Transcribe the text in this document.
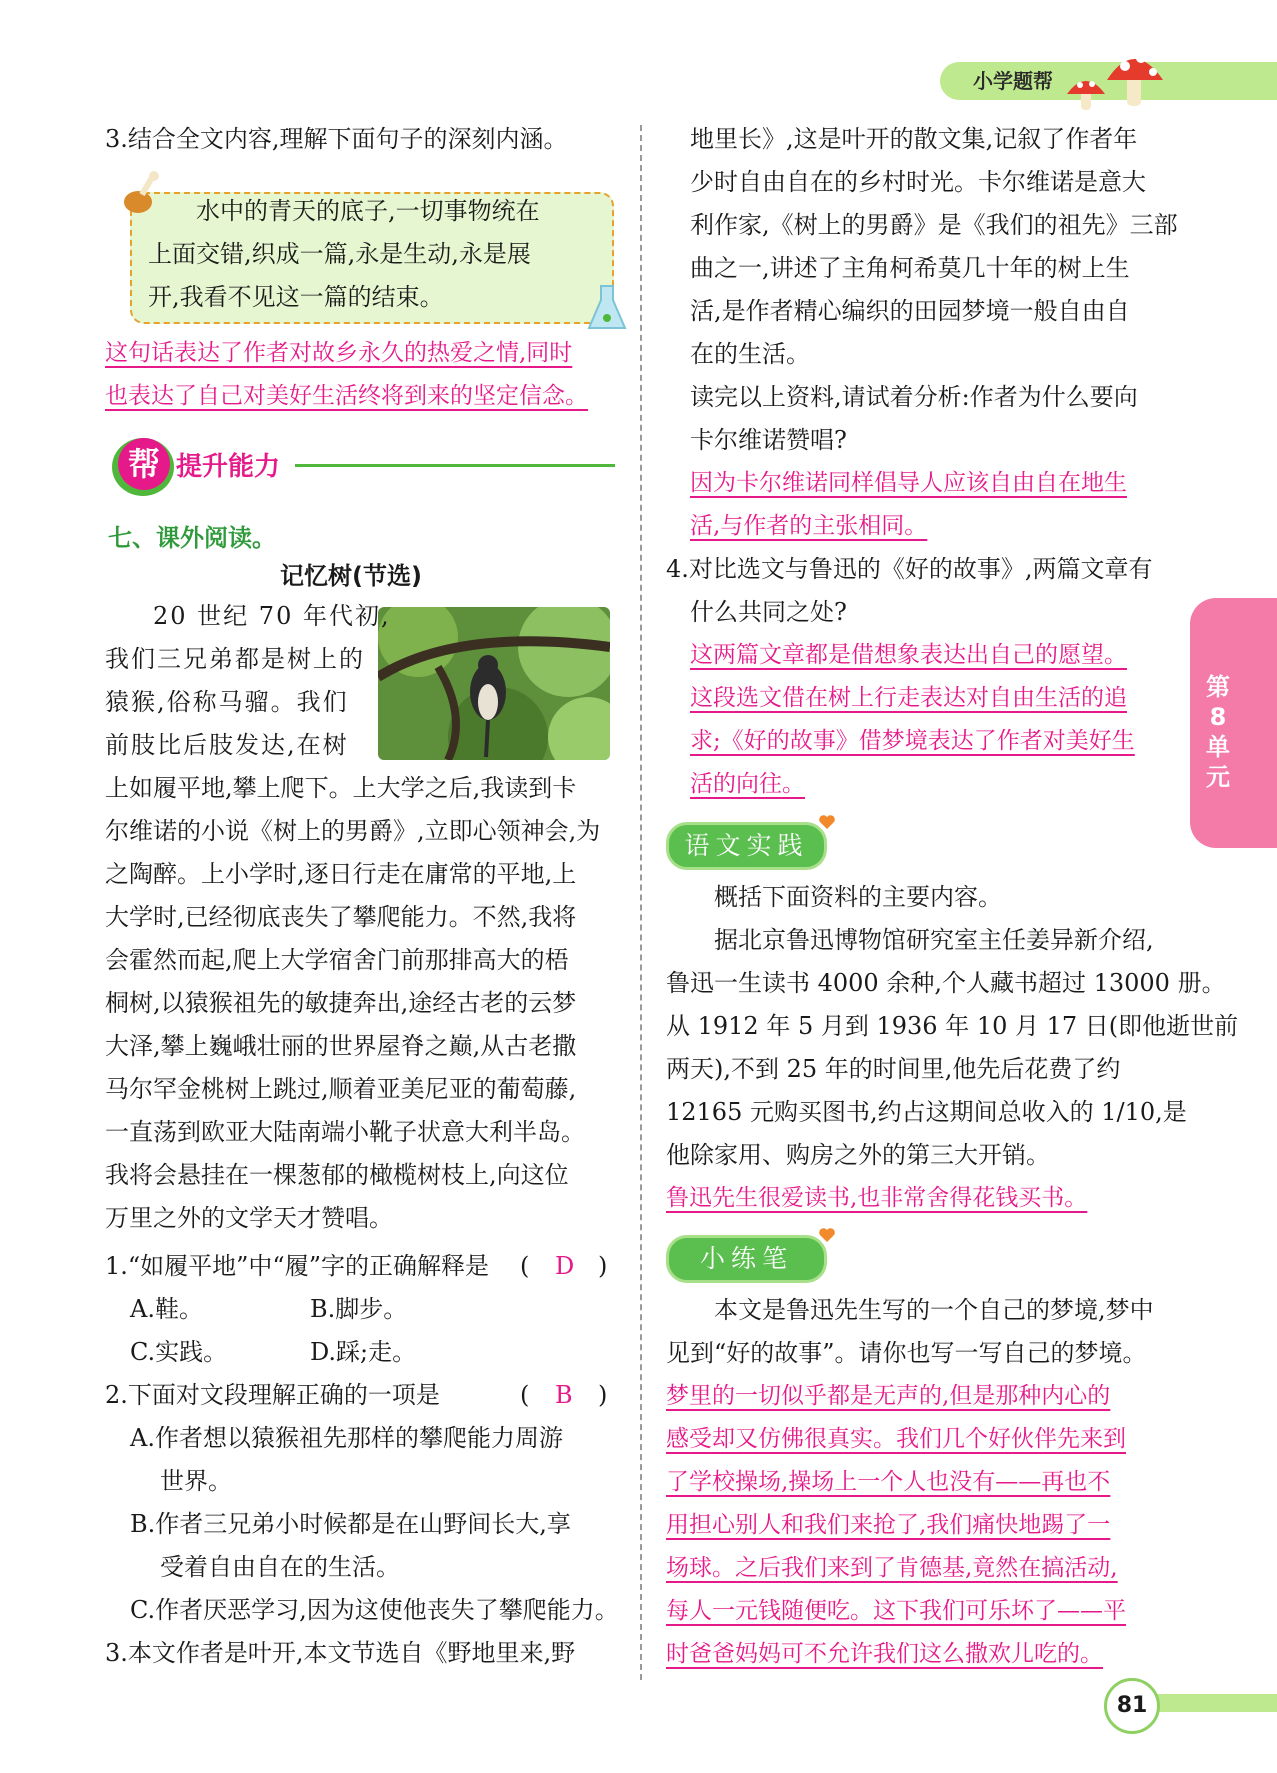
小学题帮
3.结合全文内容,理解下面句子的深刻内涵。
水中的青天的底子,一切事物统在
上面交错,织成一篇,永是生动,永是展
开,我看不见这一篇的结束。
这句话表达了作者对故乡永久的热爱之情,同时
也表达了自己对美好生活终将到来的坚定信念。
帮 提升能力
七、课外阅读。
记忆树(节选)
20 世纪 70 年代初,
我们三兄弟都是树上的
猿猴,俗称马骝。我们
前肢比后肢发达,在树
上如履平地,攀上爬下。上大学之后,我读到卡
尔维诺的小说《树上的男爵》,立即心领神会,为
之陶醉。上小学时,逐日行走在庸常的平地,上
大学时,已经彻底丧失了攀爬能力。不然,我将
会霍然而起,爬上大学宿舍门前那排高大的梧
桐树,以猿猴祖先的敏捷奔出,途经古老的云梦
大泽,攀上巍峨壮丽的世界屋脊之巅,从古老撒
马尔罕金桃树上跳过,顺着亚美尼亚的葡萄藤,
一直荡到欧亚大陆南端小靴子状意大利半岛。
我将会悬挂在一棵葱郁的橄榄树枝上,向这位
万里之外的文学天才赞唱。
1.“如履平地”中“履”字的正确解释是 ( D )
A.鞋。	B.脚步。
C.实践。	D.踩;走。
2.下面对文段理解正确的一项是	( B )
A.作者想以猿猴祖先那样的攀爬能力周游
世界。
B.作者三兄弟小时候都是在山野间长大,享
受着自由自在的生活。
C.作者厌恶学习,因为这使他丧失了攀爬能力。
3.本文作者是叶开,本文节选自《野地里来,野
地里长》,这是叶开的散文集,记叙了作者年
少时自由自在的乡村时光。卡尔维诺是意大
利作家,《树上的男爵》是《我们的祖先》三部
曲之一,讲述了主角柯希莫几十年的树上生
活,是作者精心编织的田园梦境一般自由自
在的生活。
读完以上资料,请试着分析:作者为什么要向
卡尔维诺赞唱?
因为卡尔维诺同样倡导人应该自由自在地生
活,与作者的主张相同。
4.对比选文与鲁迅的《好的故事》,两篇文章有
什么共同之处?
这两篇文章都是借想象表达出自己的愿望。
这段选文借在树上行走表达对自由生活的追
求;《好的故事》借梦境表达了作者对美好生
活的向往。
语文实践
概括下面资料的主要内容。
据北京鲁迅博物馆研究室主任姜异新介绍,
鲁迅一生读书 4000 余种,个人藏书超过 13000 册。
从 1912 年 5 月到 1936 年 10 月 17 日(即他逝世前
两天),不到 25 年的时间里,他先后花费了约
12165 元购买图书,约占这期间总收入的 1/10,是
他除家用、购房之外的第三大开销。
鲁迅先生很爱读书,也非常舍得花钱买书。
小练笔
本文是鲁迅先生写的一个自己的梦境,梦中
见到“好的故事”。请你也写一写自己的梦境。
梦里的一切似乎都是无声的,但是那种内心的
感受却又仿佛很真实。我们几个好伙伴先来到
了学校操场,操场上一个人也没有——再也不
用担心别人和我们来抢了,我们痛快地踢了一
场球。之后我们来到了肯德基,竟然在搞活动,
每人一元钱随便吃。这下我们可乐坏了——平
时爸爸妈妈可不允许我们这么撒欢儿吃的。
第
8
单
元
81
